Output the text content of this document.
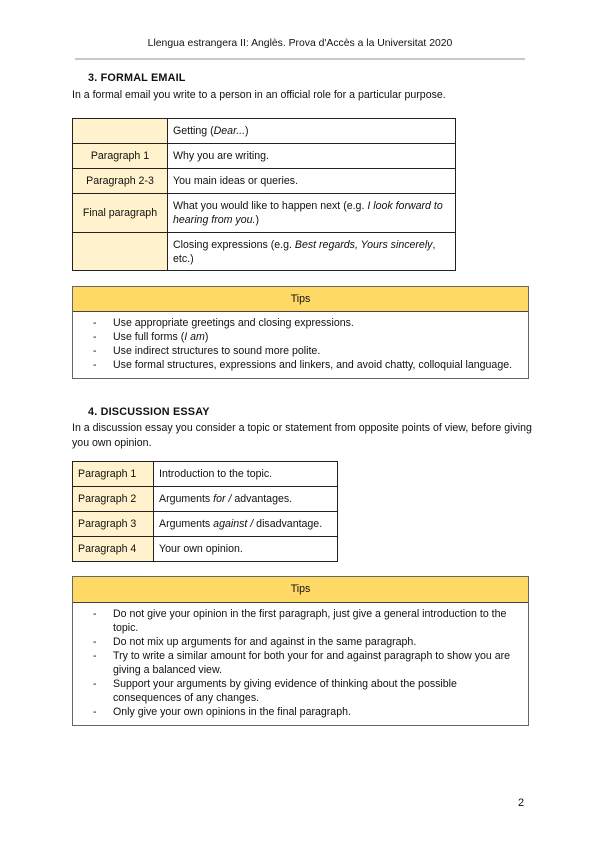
Llengua estrangera II: Anglès. Prova d'Accès a la Universitat 2020
3. FORMAL EMAIL
In a formal email you write to a person in an official role for a particular purpose.
	Getting (Dear...)
Paragraph 1	Why you are writing.
Paragraph 2-3	You main ideas or queries.
Final paragraph	What you would like to happen next (e.g. I look forward to hearing from you.)
	Closing expressions (e.g. Best regards, Yours sincerely, etc.)
Tips
- Use appropriate greetings and closing expressions.
- Use full forms (I am)
- Use indirect structures to sound more polite.
- Use formal structures, expressions and linkers, and avoid chatty, colloquial language.
4. DISCUSSION ESSAY
In a discussion essay you consider a topic or statement from opposite points of view, before giving you own opinion.
Paragraph 1	Introduction to the topic.
Paragraph 2	Arguments for / advantages.
Paragraph 3	Arguments against / disadvantage.
Paragraph 4	Your own opinion.
Tips
- Do not give your opinion in the first paragraph, just give a general introduction to the topic.
- Do not mix up arguments for and against in the same paragraph.
- Try to write a similar amount for both your for and against paragraph to show you are giving a balanced view.
- Support your arguments by giving evidence of thinking about the possible consequences of any changes.
- Only give your own opinions in the final paragraph.
2
